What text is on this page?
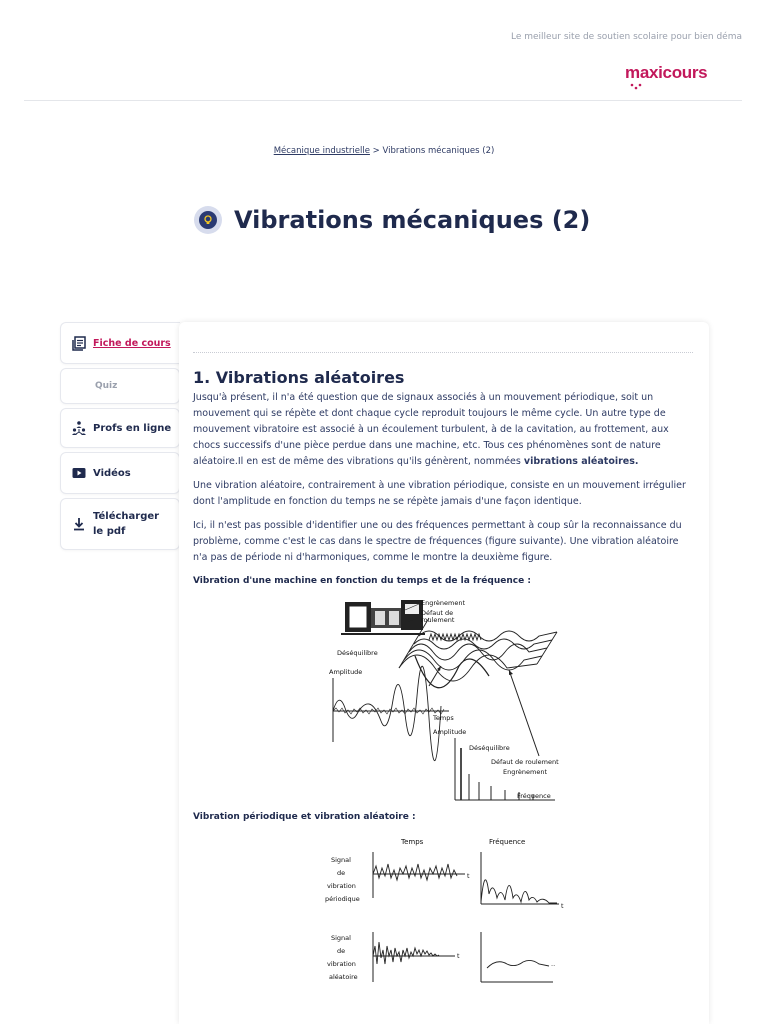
Le meilleur site de soutien scolaire pour bien déma
maxicours
Mécanique industrielle > Vibrations mécaniques (2)
Vibrations mécaniques (2)
Fiche de cours
Quiz
Profs en ligne
Vidéos
Télécharger
le pdf
1. Vibrations aléatoires

Jusqu'à présent, il n'a été question que de signaux associés à un mouvement périodique, soit un mouvement qui se répète et dont chaque cycle reproduit toujours le même cycle. Un autre type de mouvement vibratoire est associé à un écoulement turbulent, à de la cavitation, au frottement, aux chocs successifs d'une pièce perdue dans une machine, etc. Tous ces phénomènes sont de nature aléatoire.Il en est de même des vibrations qu'ils génèrent, nommées vibrations aléatoires.

Une vibration aléatoire, contrairement à une vibration périodique, consiste en un mouvement irrégulier dont l'amplitude en fonction du temps ne se répète jamais d'une façon identique.

Ici, il n'est pas possible d'identifier une ou des fréquences permettant à coup sûr la reconnaissance du problème, comme c'est le cas dans le spectre de fréquences (figure suivante). Une vibration aléatoire n'a pas de période ni d'harmoniques, comme le montre la deuxième figure.

Vibration d'une machine en fonction du temps et de la fréquence :
Engrènement
Défaut de
roulement
Déséquilibre
Amplitude
Temps
Amplitude
Déséquilibre
Défaut de roulement
Engrènement
Fréquence
Vibration périodique et vibration aléatoire :
Temps	Fréquence
Signal
de
vibration
périodique
t
t
Signal
de
vibration
aléatoire
t
..
